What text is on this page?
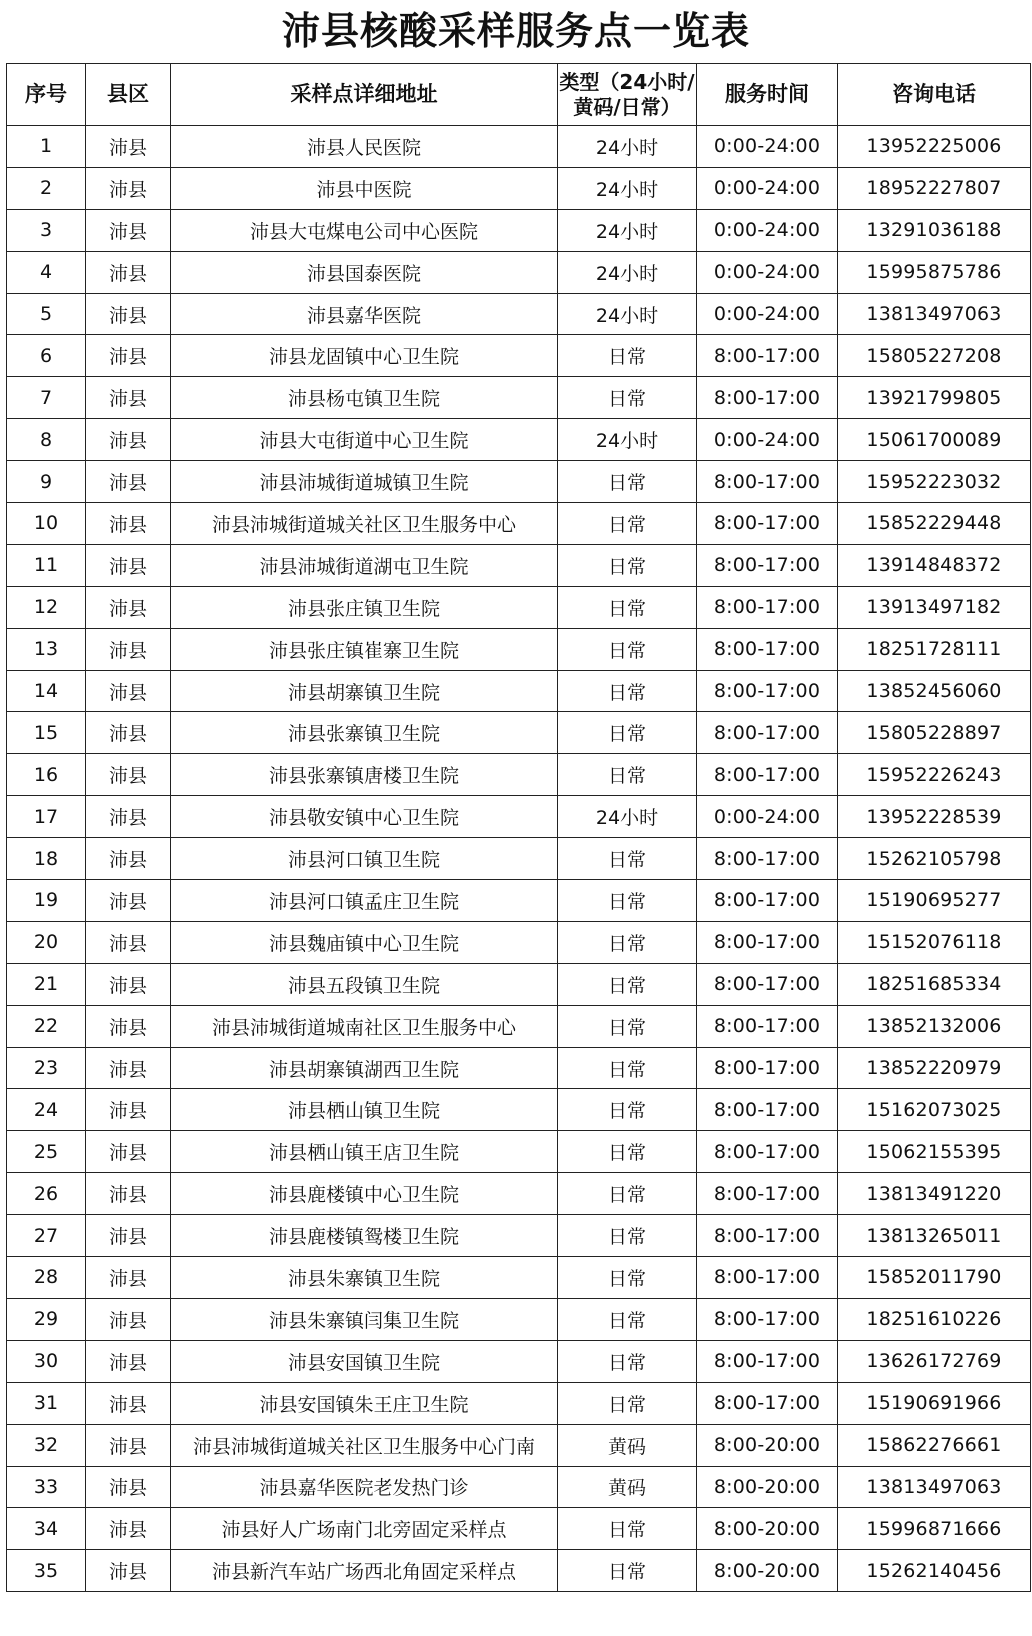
沛县核酸采样服务点一览表
序号	县区	采样点详细地址	类型（24小时/黄码/日常）	服务时间	咨询电话
1	沛县	沛县人民医院	24小时	0:00-24:00	13952225006
2	沛县	沛县中医院	24小时	0:00-24:00	18952227807
3	沛县	沛县大屯煤电公司中心医院	24小时	0:00-24:00	13291036188
4	沛县	沛县国泰医院	24小时	0:00-24:00	15995875786
5	沛县	沛县嘉华医院	24小时	0:00-24:00	13813497063
6	沛县	沛县龙固镇中心卫生院	日常	8:00-17:00	15805227208
7	沛县	沛县杨屯镇卫生院	日常	8:00-17:00	13921799805
8	沛县	沛县大屯街道中心卫生院	24小时	0:00-24:00	15061700089
9	沛县	沛县沛城街道城镇卫生院	日常	8:00-17:00	15952223032
10	沛县	沛县沛城街道城关社区卫生服务中心	日常	8:00-17:00	15852229448
11	沛县	沛县沛城街道湖屯卫生院	日常	8:00-17:00	13914848372
12	沛县	沛县张庄镇卫生院	日常	8:00-17:00	13913497182
13	沛县	沛县张庄镇崔寨卫生院	日常	8:00-17:00	18251728111
14	沛县	沛县胡寨镇卫生院	日常	8:00-17:00	13852456060
15	沛县	沛县张寨镇卫生院	日常	8:00-17:00	15805228897
16	沛县	沛县张寨镇唐楼卫生院	日常	8:00-17:00	15952226243
17	沛县	沛县敬安镇中心卫生院	24小时	0:00-24:00	13952228539
18	沛县	沛县河口镇卫生院	日常	8:00-17:00	15262105798
19	沛县	沛县河口镇孟庄卫生院	日常	8:00-17:00	15190695277
20	沛县	沛县魏庙镇中心卫生院	日常	8:00-17:00	15152076118
21	沛县	沛县五段镇卫生院	日常	8:00-17:00	18251685334
22	沛县	沛县沛城街道城南社区卫生服务中心	日常	8:00-17:00	13852132006
23	沛县	沛县胡寨镇湖西卫生院	日常	8:00-17:00	13852220979
24	沛县	沛县栖山镇卫生院	日常	8:00-17:00	15162073025
25	沛县	沛县栖山镇王店卫生院	日常	8:00-17:00	15062155395
26	沛县	沛县鹿楼镇中心卫生院	日常	8:00-17:00	13813491220
27	沛县	沛县鹿楼镇鸳楼卫生院	日常	8:00-17:00	13813265011
28	沛县	沛县朱寨镇卫生院	日常	8:00-17:00	15852011790
29	沛县	沛县朱寨镇闫集卫生院	日常	8:00-17:00	18251610226
30	沛县	沛县安国镇卫生院	日常	8:00-17:00	13626172769
31	沛县	沛县安国镇朱王庄卫生院	日常	8:00-17:00	15190691966
32	沛县	沛县沛城街道城关社区卫生服务中心门南	黄码	8:00-20:00	15862276661
33	沛县	沛县嘉华医院老发热门诊	黄码	8:00-20:00	13813497063
34	沛县	沛县好人广场南门北旁固定采样点	日常	8:00-20:00	15996871666
35	沛县	沛县新汽车站广场西北角固定采样点	日常	8:00-20:00	15262140456
